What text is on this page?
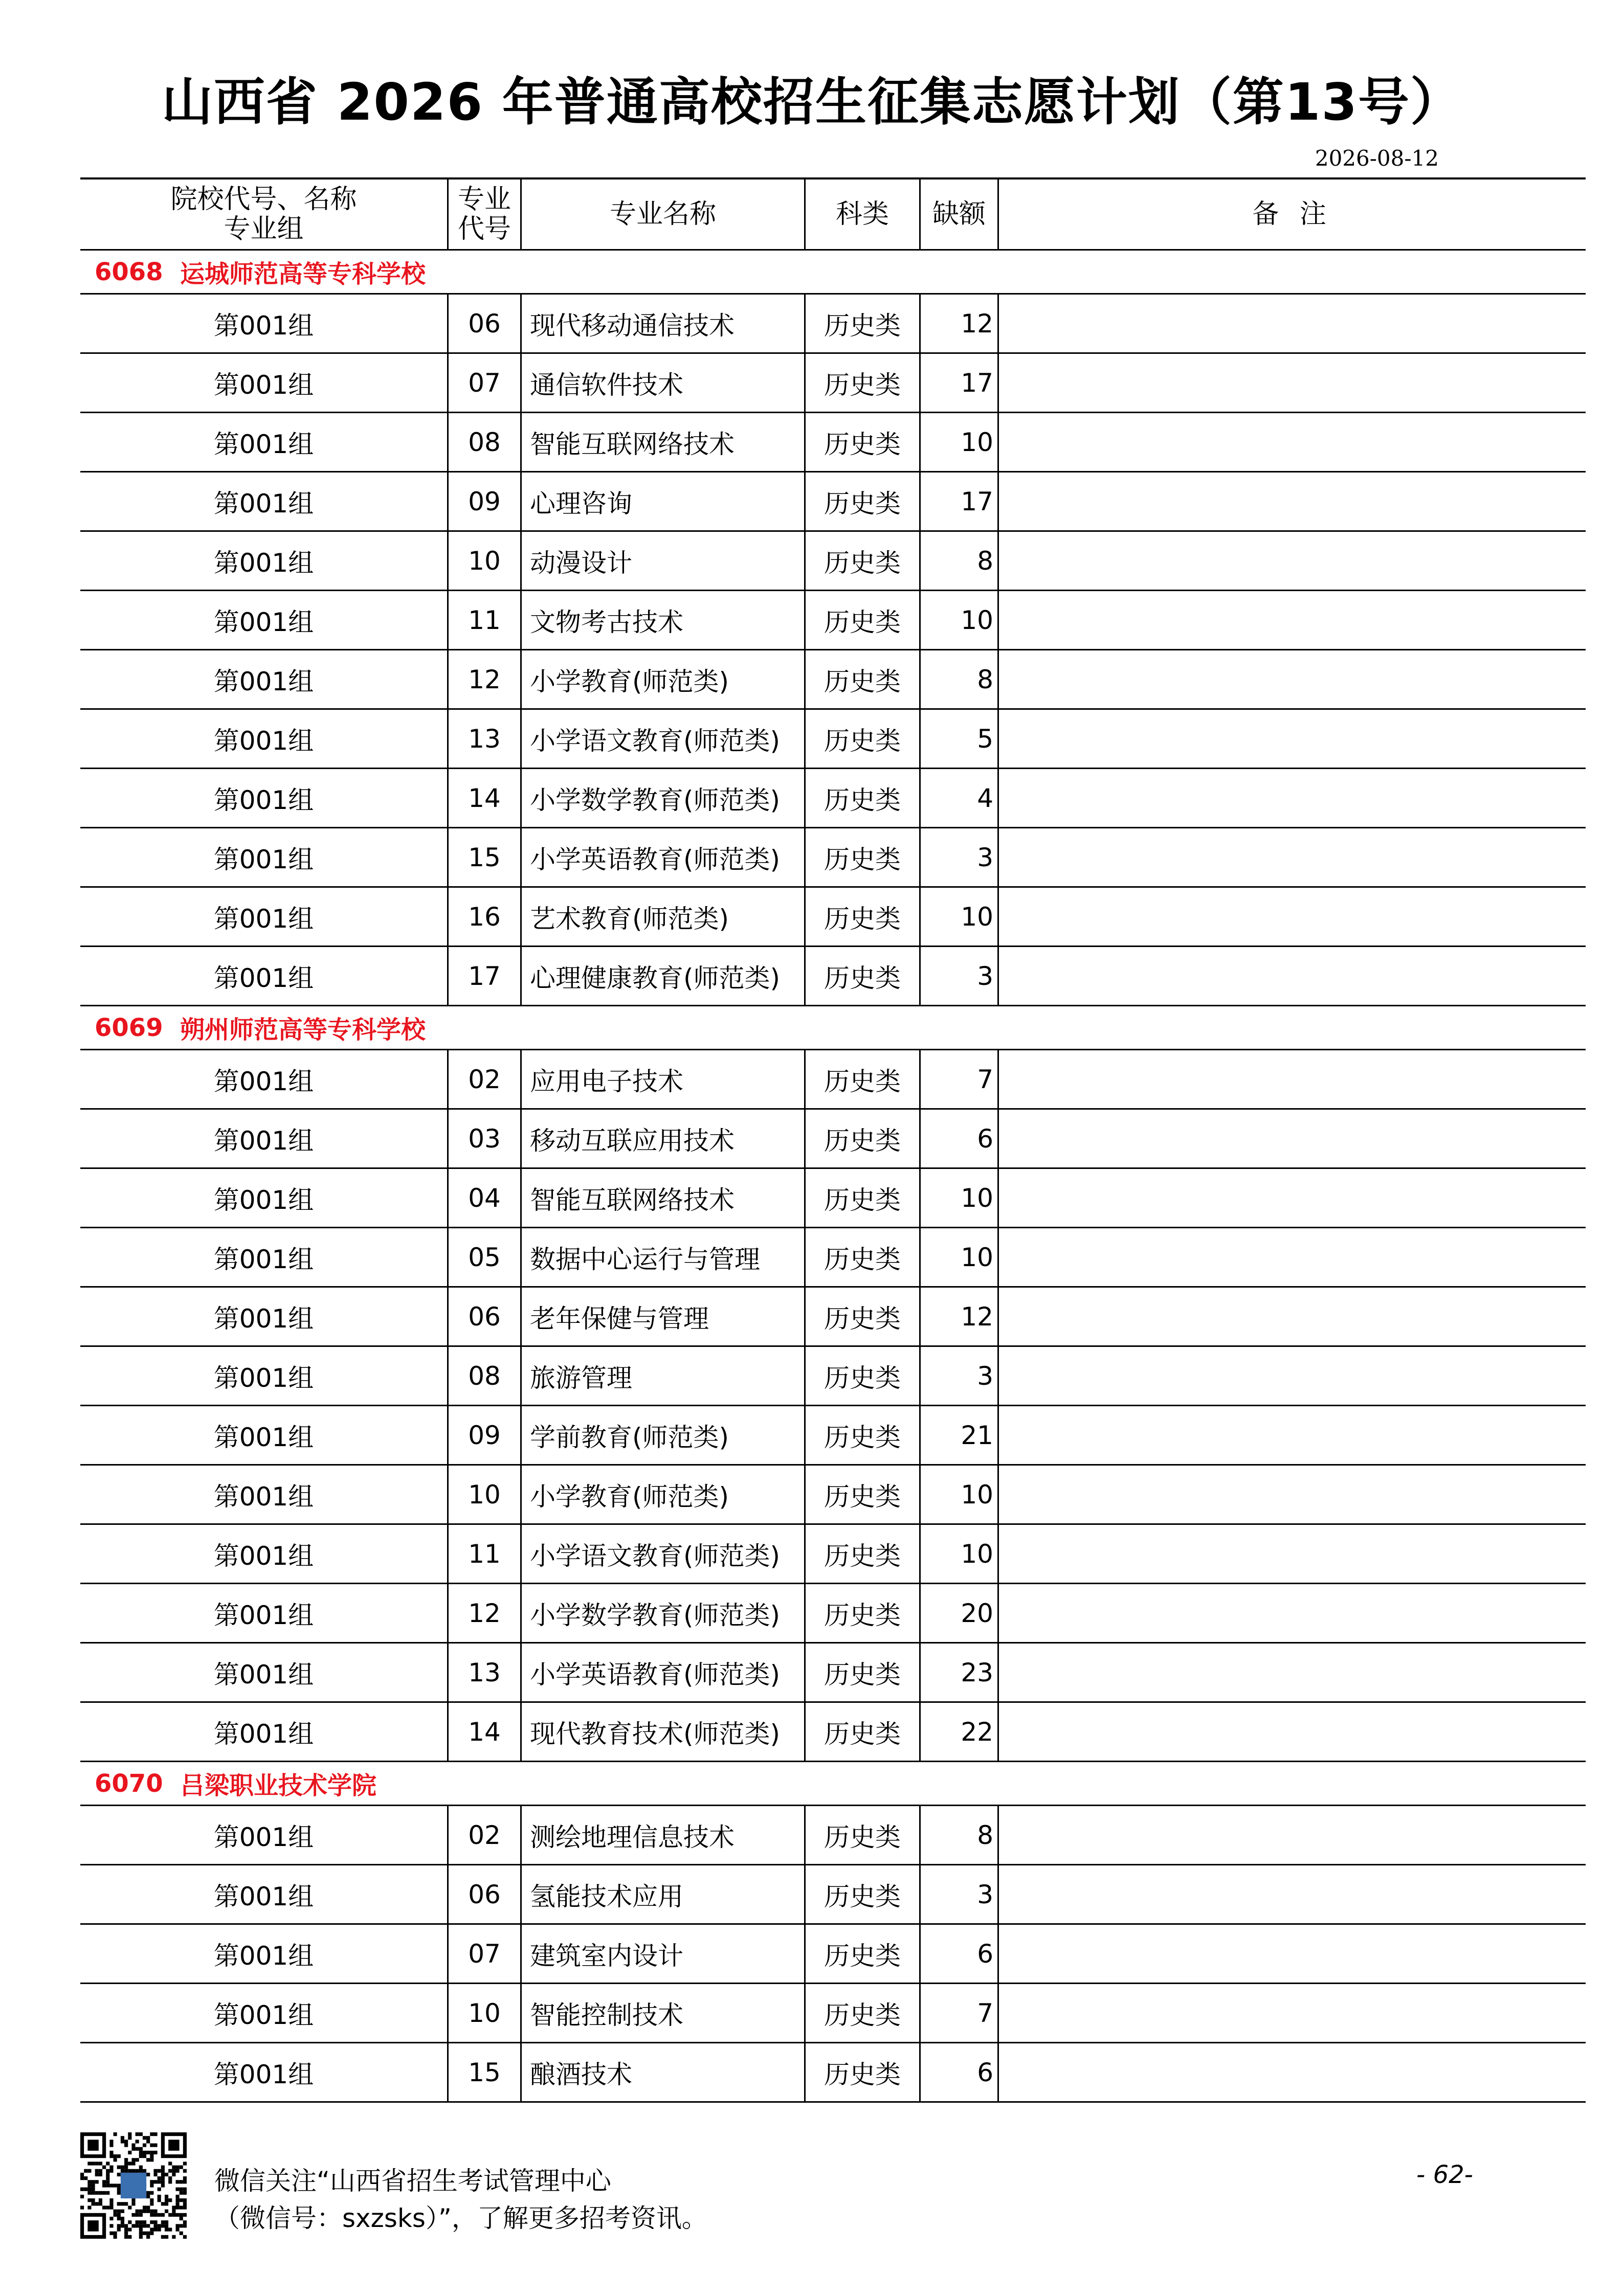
山西省 2026 年普通高校招生征集志愿计划（第13号）
2026-08-12
院校代号、名称
专业组
专业
代号	专业名称	科类	缺额	备 注
6068
运城师范高等专科学校
第001组	06	现代移动通信技术	历史类	12
第001组	07	通信软件技术	历史类	17
第001组	08	智能互联网络技术	历史类	10
第001组	09	心理咨询	历史类	17
第001组	10	动漫设计	历史类	8
第001组	11	文物考古技术	历史类	10
第001组	12	小学教育(师范类)	历史类	8
第001组	13	小学语文教育(师范类)	历史类	5
第001组	14	小学数学教育(师范类)	历史类	4
第001组	15	小学英语教育(师范类)	历史类	3
第001组	16	艺术教育(师范类)	历史类	10
第001组	17	心理健康教育(师范类)	历史类	3
6069
朔州师范高等专科学校
第001组	02	应用电子技术	历史类	7
第001组	03	移动互联应用技术	历史类	6
第001组	04	智能互联网络技术	历史类	10
第001组	05	数据中心运行与管理	历史类	10
第001组	06	老年保健与管理	历史类	12
第001组	08	旅游管理	历史类	3
第001组	09	学前教育(师范类)	历史类	21
第001组	10	小学教育(师范类)	历史类	10
第001组	11	小学语文教育(师范类)	历史类	10
第001组	12	小学数学教育(师范类)	历史类	20
第001组	13	小学英语教育(师范类)	历史类	23
第001组	14	现代教育技术(师范类)	历史类	22
6070
吕梁职业技术学院
第001组	02	测绘地理信息技术	历史类	8
第001组	06	氢能技术应用	历史类	3
第001组	07	建筑室内设计	历史类	6
第001组	10	智能控制技术	历史类	7
第001组	15	酿酒技术	历史类	6
微信关注“山西省招生考试管理中心
（微信号：sxzsks）”，了解更多招考资讯。
- 62-
